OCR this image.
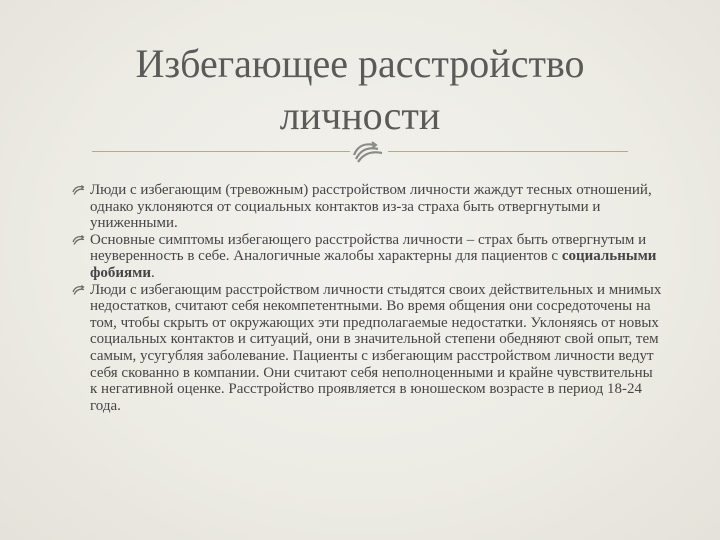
Избегающее расстройство
личности
Люди с избегающим (тревожным) расстройством личности жаждут тесных отношений, однако уклоняются от социальных контактов из-за страха быть отвергнутыми и униженными.
Основные симптомы избегающего расстройства личности – страх быть отвергнутым и неуверенность в себе. Аналогичные жалобы характерны для пациентов с социальными фобиями.
Люди с избегающим расстройством личности стыдятся своих действительных и мнимых недостатков, считают себя некомпетентными. Во время общения они сосредоточены на том, чтобы скрыть от окружающих эти предполагаемые недостатки. Уклоняясь от новых социальных контактов и ситуаций, они в значительной степени обедняют свой опыт, тем самым, усугубляя заболевание. Пациенты с избегающим расстройством личности ведут себя скованно в компании. Они считают себя неполноценными и крайне чувствительны к негативной оценке. Расстройство проявляется в юношеском возрасте в период 18-24 года.
